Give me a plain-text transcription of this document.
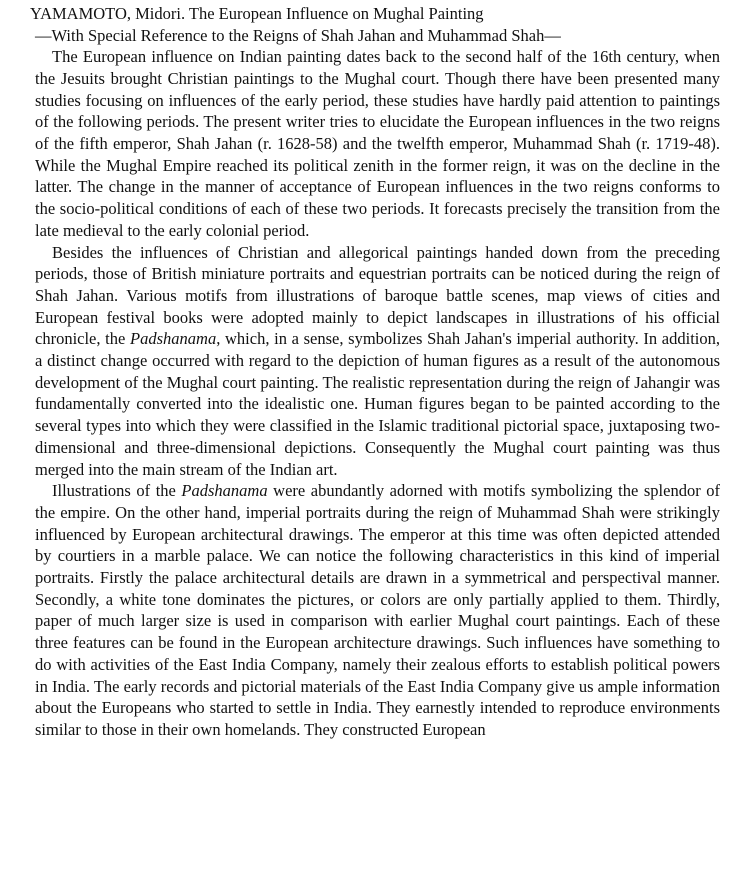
YAMAMOTO, Midori. The European Influence on Mughal Painting

—With Special Reference to the Reigns of Shah Jahan and Muhammad Shah—

The European influence on Indian painting dates back to the second half of the 16th century, when the Jesuits brought Christian paintings to the Mughal court. Though there have been presented many studies focusing on influences of the early period, these studies have hardly paid attention to paintings of the following periods. The present writer tries to elucidate the European influences in the two reigns of the fifth emperor, Shah Jahan (r. 1628-58) and the twelfth emperor, Muhammad Shah (r. 1719-48). While the Mughal Empire reached its political zenith in the former reign, it was on the decline in the latter. The change in the manner of acceptance of European influences in the two reigns conforms to the socio-political conditions of each of these two periods. It forecasts precisely the transition from the late medieval to the early colonial period.

Besides the influences of Christian and allegorical paintings handed down from the preceding periods, those of British miniature portraits and equestrian portraits can be noticed during the reign of Shah Jahan. Various motifs from illustrations of baroque battle scenes, map views of cities and European festival books were adopted mainly to depict landscapes in illustrations of his official chronicle, the Padshanama, which, in a sense, symbolizes Shah Jahan's imperial authority. In addition, a distinct change occurred with regard to the depiction of human figures as a result of the autonomous development of the Mughal court painting. The realistic representation during the reign of Jahangir was fundamentally converted into the idealistic one. Human figures began to be painted according to the several types into which they were classified in the Islamic traditional pictorial space, juxtaposing two-dimensional and three-dimensional depictions. Consequently the Mughal court painting was thus merged into the main stream of the Indian art.

Illustrations of the Padshanama were abundantly adorned with motifs symbolizing the splendor of the empire. On the other hand, imperial portraits during the reign of Muhammad Shah were strikingly influenced by European architectural drawings. The emperor at this time was often depicted attended by courtiers in a marble palace. We can notice the following characteristics in this kind of imperial portraits. Firstly the palace architectural details are drawn in a symmetrical and perspectival manner. Secondly, a white tone dominates the pictures, or colors are only partially applied to them. Thirdly, paper of much larger size is used in comparison with earlier Mughal court paintings. Each of these three features can be found in the European architecture drawings. Such influences have something to do with activities of the East India Company, namely their zealous efforts to establish political powers in India. The early records and pictorial materials of the East India Company give us ample information about the Europeans who started to settle in India. They earnestly intended to reproduce environments similar to those in their own homelands. They constructed European
